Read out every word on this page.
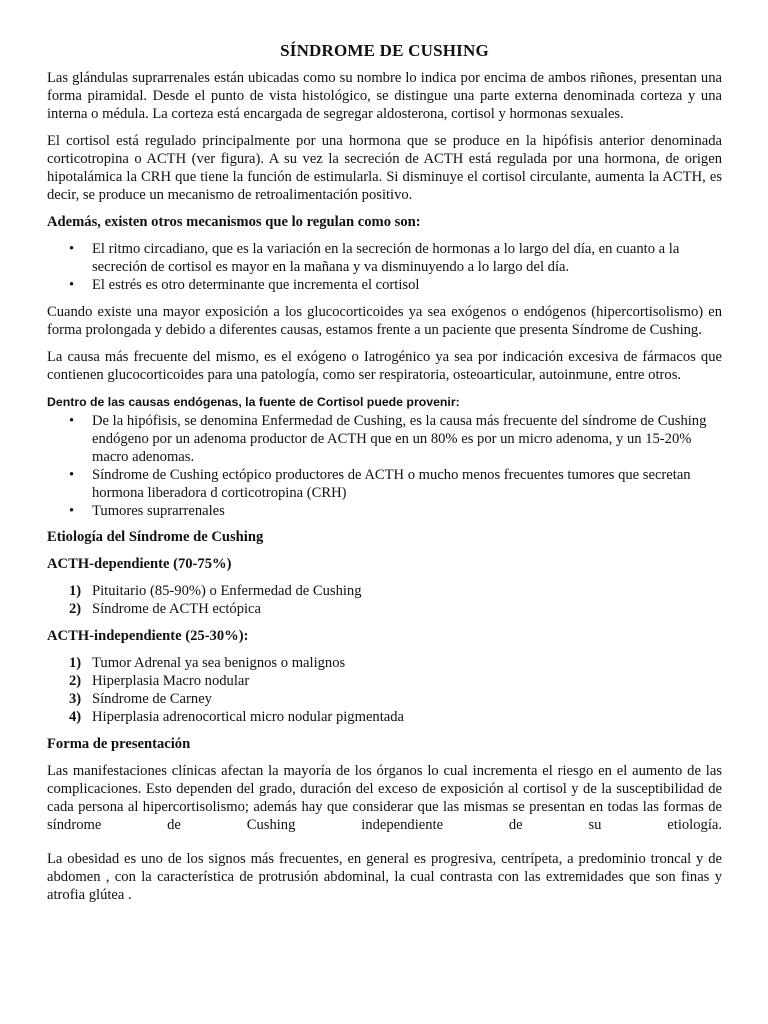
SÍNDROME DE CUSHING

Las glándulas suprarrenales están ubicadas como su nombre lo indica por encima de ambos riñones, presentan una forma piramidal. Desde el punto de vista histológico, se distingue una parte externa denominada corteza y una interna o médula. La corteza está encargada de segregar aldosterona, cortisol y hormonas sexuales.

El cortisol está regulado principalmente por una hormona que se produce en la hipófisis anterior denominada corticotropina o ACTH (ver figura). A su vez la secreción de ACTH está regulada por una hormona, de origen hipotalámica la CRH que tiene la función de estimularla. Si disminuye el cortisol circulante, aumenta la ACTH, es decir, se produce un mecanismo de retroalimentación positivo.

Además, existen otros mecanismos que lo regulan como son:

• El ritmo circadiano, que es la variación en la secreción de hormonas a lo largo del día, en cuanto a la secreción de cortisol es mayor en la mañana y va disminuyendo a lo largo del día.
• El estrés es otro determinante que incrementa el cortisol

Cuando existe una mayor exposición a los glucocorticoides ya sea exógenos o endógenos (hipercortisolismo) en forma prolongada y debido a diferentes causas, estamos frente a un paciente que presenta Síndrome de Cushing.

La causa más frecuente del mismo, es el exógeno o Iatrogénico ya sea por indicación excesiva de fármacos que contienen glucocorticoides para una patología, como ser respiratoria, osteoarticular, autoinmune, entre otros.

Dentro de las causas endógenas, la fuente de Cortisol puede provenir:
• De la hipófisis, se denomina Enfermedad de Cushing, es la causa más frecuente del síndrome de Cushing endógeno por un adenoma productor de ACTH que en un 80% es por un micro adenoma, y un 15-20% macro adenomas.
• Síndrome de Cushing ectópico productores de ACTH o mucho menos frecuentes tumores que secretan hormona liberadora d corticotropina (CRH)
• Tumores suprarrenales

Etiología del Síndrome de Cushing

ACTH-dependiente (70-75%)

1) Pituitario (85-90%) o Enfermedad de Cushing
2) Síndrome de ACTH ectópica

ACTH-independiente (25-30%):

1) Tumor Adrenal ya sea benignos o malignos
2) Hiperplasia Macro nodular
3) Síndrome de Carney
4) Hiperplasia adrenocortical micro nodular pigmentada

Forma de presentación

Las manifestaciones clínicas afectan la mayoría de los órganos lo cual incrementa el riesgo en el aumento de las complicaciones. Esto dependen del grado, duración del exceso de exposición al cortisol y de la susceptibilidad de cada persona al hipercortisolismo; además hay que considerar que las mismas se presentan en todas las formas de síndrome de Cushing independiente de su etiología.

La obesidad es uno de los signos más frecuentes, en general es progresiva, centrípeta, a predominio troncal y de abdomen , con la característica de protrusión abdominal, la cual contrasta con las extremidades que son finas y atrofia glútea .
